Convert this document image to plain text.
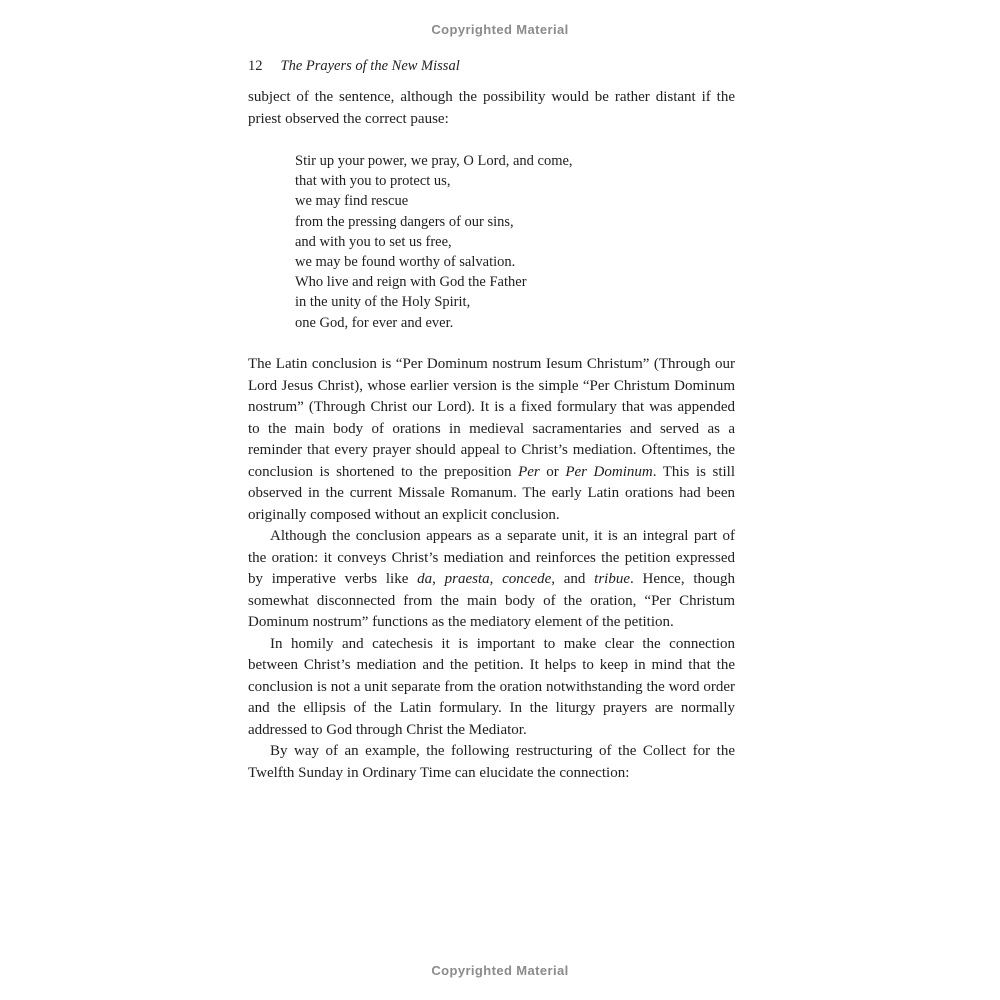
Copyrighted Material
12 The Prayers of the New Missal
subject of the sentence, although the possibility would be rather distant if the priest observed the correct pause:
Stir up your power, we pray, O Lord, and come,
that with you to protect us,
we may find rescue
from the pressing dangers of our sins,
and with you to set us free,
we may be found worthy of salvation.
Who live and reign with God the Father
in the unity of the Holy Spirit,
one God, for ever and ever.

The Latin conclusion is “Per Dominum nostrum Iesum Christum” (Through our Lord Jesus Christ), whose earlier version is the simple “Per Christum Dominum nostrum” (Through Christ our Lord). It is a fixed formulary that was appended to the main body of orations in medieval sacramentaries and served as a reminder that every prayer should appeal to Christ’s mediation. Oftentimes, the conclusion is shortened to the preposition Per or Per Dominum. This is still observed in the current Missale Romanum. The early Latin orations had been originally composed without an explicit conclusion.

Although the conclusion appears as a separate unit, it is an integral part of the oration: it conveys Christ’s mediation and reinforces the petition expressed by imperative verbs like da, praesta, concede, and tribue. Hence, though somewhat disconnected from the main body of the oration, “Per Christum Dominum nostrum” functions as the mediatory element of the petition.

In homily and catechesis it is important to make clear the connection between Christ’s mediation and the petition. It helps to keep in mind that the conclusion is not a unit separate from the oration notwithstanding the word order and the ellipsis of the Latin formulary. In the liturgy prayers are normally addressed to God through Christ the Mediator.

By way of an example, the following restructuring of the Collect for the Twelfth Sunday in Ordinary Time can elucidate the connection:

Copyrighted Material
